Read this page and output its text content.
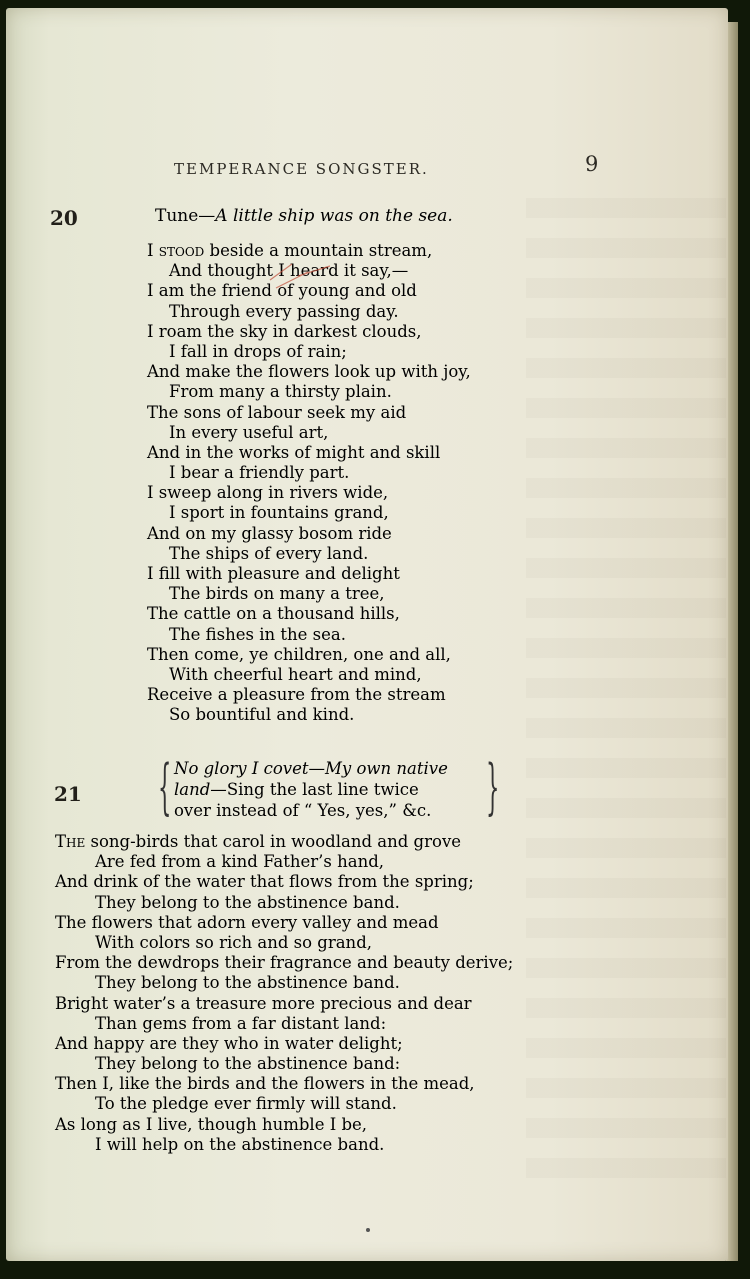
TEMPERANCE SONGSTER.	9
20	Tune—A little ship was on the sea.
I stood beside a mountain stream,
And thought I heard it say,—
I am the friend of young and old
Through every passing day.
I roam the sky in darkest clouds,
I fall in drops of rain;
And make the flowers look up with joy,
From many a thirsty plain.
The sons of labour seek my aid
In every useful art,
And in the works of might and skill
I bear a friendly part.
I sweep along in rivers wide,
I sport in fountains grand,
And on my glassy bosom ride
The ships of every land.
I fill with pleasure and delight
The birds on many a tree,
The cattle on a thousand hills,
The fishes in the sea.
Then come, ye children, one and all,
With cheerful heart and mind,
Receive a pleasure from the stream
So bountiful and kind.
21 { No glory I covet—My own native
land—Sing the last line twice
over instead of “ Yes, yes,” &c. }
The song-birds that carol in woodland and grove
Are fed from a kind Father’s hand,
And drink of the water that flows from the spring;
They belong to the abstinence band.
The flowers that adorn every valley and mead
With colors so rich and so grand,
From the dewdrops their fragrance and beauty derive;
They belong to the abstinence band.
Bright water’s a treasure more precious and dear
Than gems from a far distant land:
And happy are they who in water delight;
They belong to the abstinence band:
Then I, like the birds and the flowers in the mead,
To the pledge ever firmly will stand.
As long as I live, though humble I be,
I will help on the abstinence band.
